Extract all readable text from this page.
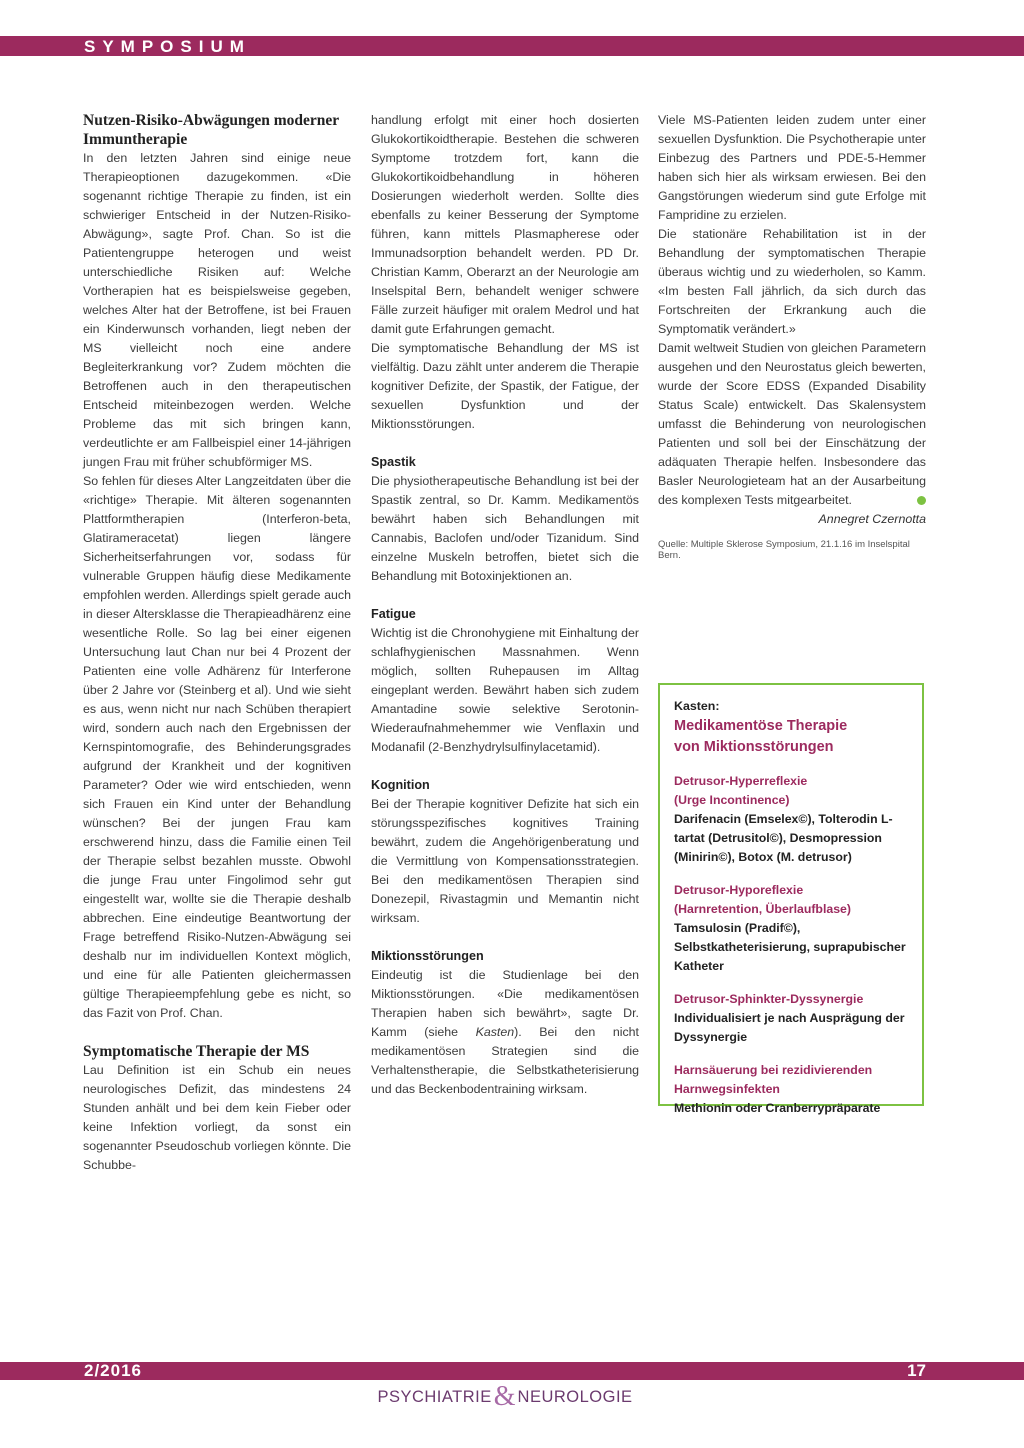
SYMPOSIUM
Nutzen-Risiko-Abwägungen moderner Immuntherapie

In den letzten Jahren sind einige neue Therapieoptionen dazugekommen. «Die sogenannt richtige Therapie zu finden, ist ein schwieriger Entscheid in der Nutzen-Risiko-Abwägung», sagte Prof. Chan. So ist die Patientengruppe heterogen und weist unterschiedliche Risiken auf: Welche Vortherapien hat es beispielsweise gegeben, welches Alter hat der Betroffene, ist bei Frauen ein Kinderwunsch vorhanden, liegt neben der MS vielleicht noch eine andere Begleiterkrankung vor? Zudem möchten die Betroffenen auch in den therapeutischen Entscheid miteinbezogen werden. Welche Probleme das mit sich bringen kann, verdeutlichte er am Fallbeispiel einer 14-jährigen jungen Frau mit früher schubförmiger MS.

So fehlen für dieses Alter Langzeitdaten über die «richtige» Therapie. Mit älteren sogenannten Plattformtherapien (Interferon-beta, Glatirameracetat) liegen längere Sicherheitserfahrungen vor, sodass für vulnerable Gruppen häufig diese Medikamente empfohlen werden. Allerdings spielt gerade auch in dieser Altersklasse die Therapieadhärenz eine wesentliche Rolle. So lag bei einer eigenen Untersuchung laut Chan nur bei 4 Prozent der Patienten eine volle Adhärenz für Interferone über 2 Jahre vor (Steinberg et al). Und wie sieht es aus, wenn nicht nur nach Schüben therapiert wird, sondern auch nach den Ergebnissen der Kernspintomografie, des Behinderungsgrades aufgrund der Krankheit und der kognitiven Parameter? Oder wie wird entschieden, wenn sich Frauen ein Kind unter der Behandlung wünschen? Bei der jungen Frau kam erschwerend hinzu, dass die Familie einen Teil der Therapie selbst bezahlen musste. Obwohl die junge Frau unter Fingolimod sehr gut eingestellt war, wollte sie die Therapie deshalb abbrechen. Eine eindeutige Beantwortung der Frage betreffend Risiko-Nutzen-Abwägung sei deshalb nur im individuellen Kontext möglich, und eine für alle Patienten gleichermassen gültige Therapieempfehlung gebe es nicht, so das Fazit von Prof. Chan.

Symptomatische Therapie der MS

Lau Definition ist ein Schub ein neues neurologisches Defizit, das mindestens 24 Stunden anhält und bei dem kein Fieber oder keine Infektion vorliegt, da sonst ein sogenannter Pseudoschub vorliegen könnte. Die Schubbe-

handlung erfolgt mit einer hoch dosierten Glukokortikoidtherapie. Bestehen die schweren Symptome trotzdem fort, kann die Glukokortikoidbehandlung in höheren Dosierungen wiederholt werden. Sollte dies ebenfalls zu keiner Besserung der Symptome führen, kann mittels Plasmapherese oder Immunadsorption behandelt werden. PD Dr. Christian Kamm, Oberarzt an der Neurologie am Inselspital Bern, behandelt weniger schwere Fälle zurzeit häufiger mit oralem Medrol und hat damit gute Erfahrungen gemacht.

Die symptomatische Behandlung der MS ist vielfältig. Dazu zählt unter anderem die Therapie kognitiver Defizite, der Spastik, der Fatigue, der sexuellen Dysfunktion und der Miktionsstörungen.

Spastik

Die physiotherapeutische Behandlung ist bei der Spastik zentral, so Dr. Kamm. Medikamentös bewährt haben sich Behandlungen mit Cannabis, Baclofen und/oder Tizanidum. Sind einzelne Muskeln betroffen, bietet sich die Behandlung mit Botoxinjektionen an.

Fatigue

Wichtig ist die Chronohygiene mit Einhaltung der schlafhygienischen Massnahmen. Wenn möglich, sollten Ruhepausen im Alltag eingeplant werden. Bewährt haben sich zudem Amantadine sowie selektive Serotonin-Wiederaufnahmehemmer wie Venflaxin und Modanafil (2-Benzhydrylsulfinylacetamid).

Kognition

Bei der Therapie kognitiver Defizite hat sich ein störungsspezifisches kognitives Training bewährt, zudem die Angehörigenberatung und die Vermittlung von Kompensationsstrategien. Bei den medikamentösen Therapien sind Donezepil, Rivastagmin und Memantin nicht wirksam.

Miktionsstörungen

Eindeutig ist die Studienlage bei den Miktionsstörungen. «Die medikamentösen Therapien haben sich bewährt», sagte Dr. Kamm (siehe Kasten). Bei den nicht medikamentösen Strategien sind die Verhaltenstherapie, die Selbstkatheterisierung und das Beckenbodentraining wirksam.

Viele MS-Patienten leiden zudem unter einer sexuellen Dysfunktion. Die Psychotherapie unter Einbezug des Partners und PDE-5-Hemmer haben sich hier als wirksam erwiesen. Bei den Gangstörungen wiederum sind gute Erfolge mit Fampridine zu erzielen.

Die stationäre Rehabilitation ist in der Behandlung der symptomatischen Therapie überaus wichtig und zu wiederholen, so Kamm. «Im besten Fall jährlich, da sich durch das Fortschreiten der Erkrankung auch die Symptomatik verändert.»

Damit weltweit Studien von gleichen Parametern ausgehen und den Neurostatus gleich bewerten, wurde der Score EDSS (Expanded Disability Status Scale) entwickelt. Das Skalensystem umfasst die Behinderung von neurologischen Patienten und soll bei der Einschätzung der adäquaten Therapie helfen. Insbesondere das Basler Neurologieteam hat an der Ausarbeitung des komplexen Tests mitgearbeitet.

Annegret Czernotta
Quelle: Multiple Sklerose Symposium, 21.1.16 im Inselspital Bern.
Kasten:
Medikamentöse Therapie
von Miktionsstörungen
Detrusor-Hyperreflexie
(Urge Incontinence)
Darifenacin (Emselex©), Tolterodin L-tartat (Detrusitol©), Desmopression (Minirin©), Botox (M. detrusor)
Detrusor-Hyporeflexie
(Harnretention, Überlaufblase)
Tamsulosin (Pradif©), Selbstkatheterisierung, suprapubischer Katheter
Detrusor-Sphinkter-Dyssynergie
Individualisiert je nach Ausprägung der Dyssynergie
Harnsäuerung bei rezidivierenden
Harnwegsinfekten
Methionin oder Cranberrypräparate
2/2016	17
PSYCHIATRIE & NEUROLOGIE
